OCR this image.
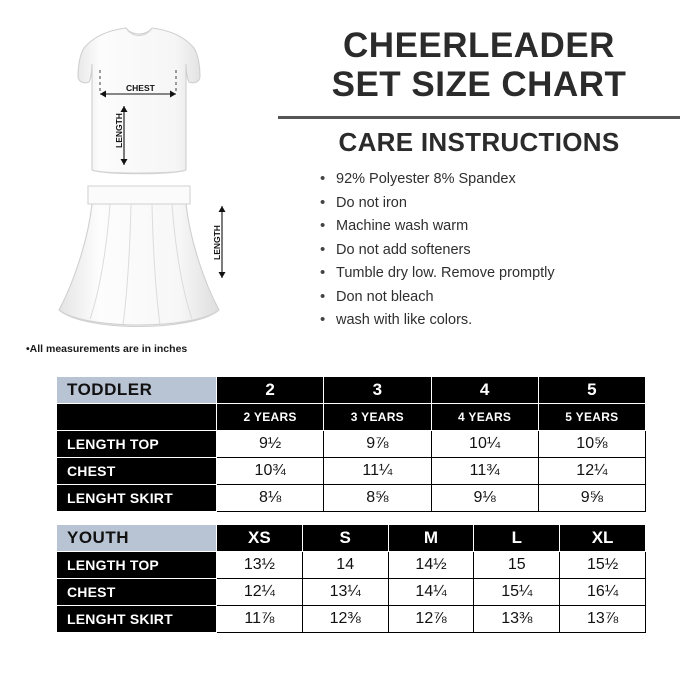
CHEST
LENGTH
LENGTH
•All measurements are in inches
CHEERLEADER
SET SIZE CHART
CARE INSTRUCTIONS
• 92% Polyester 8% Spandex
• Do not iron
• Machine wash warm
• Do not add softeners
• Tumble dry low. Remove promptly
• Don not bleach
• wash with like colors.
TODDLER	2	3	4	5
	2 YEARS	3 YEARS	4 YEARS	5 YEARS
LENGTH TOP	9½	9⅞	10¼	10⅝
CHEST	10¾	11¼	11¾	12¼
LENGHT SKIRT	8⅛	8⅝	9⅛	9⅝
YOUTH	XS	S	M	L	XL
LENGTH TOP	13½	14	14½	15	15½
CHEST	12¼	13¼	14¼	15¼	16¼
LENGHT SKIRT	11⅞	12⅜	12⅞	13⅜	13⅞
